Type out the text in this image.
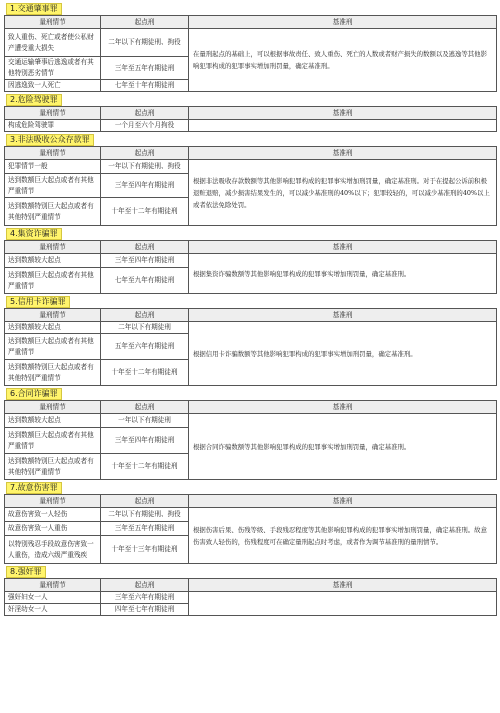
1.交通肇事罪
量刑情节	起点刑	基准刑
致人重伤、死亡或者使公私财产遭受重大损失	二年以下有期徒刑、拘役	在量刑起点的基础上，可以根据事故责任、致人重伤、死亡的人数或者财产损失的数额以及逃逸等其他影响犯罪构成的犯罪事实增加刑罚量，确定基准刑。
交通运输肇事后逃逸或者有其他特别恶劣情节	三年至五年有期徒刑	
因逃逸致一人死亡	七年至十年有期徒刑	
2.危险驾驶罪
量刑情节	起点刑	基准刑
构成危险驾驶罪	一个月至六个月拘役	
3.非法吸收公众存款罪
量刑情节	起点刑	基准刑
犯罪情节一般	一年以下有期徒刑、拘役	根据非法吸收存款数额等其他影响犯罪构成的犯罪事实增加刑罚量，确定基准刑。对于在提起公诉前积极退赃退赔，减少损害结果发生的，可以减少基准刑的40%以下；犯罪较轻的，可以减少基准刑的40%以上或者依法免除处罚。
达到数额巨大起点或者有其他严重情节	三年至四年有期徒刑	
达到数额特别巨大起点或者有其他特别严重情节	十年至十二年有期徒刑	
4.集资诈骗罪
量刑情节	起点刑	基准刑
达到数额较大起点	三年至四年有期徒刑	根据集资诈骗数额等其他影响犯罪构成的犯罪事实增加刑罚量，确定基准刑。
达到数额巨大起点或者有其他严重情节	七年至九年有期徒刑	
5.信用卡诈骗罪
量刑情节	起点刑	基准刑
达到数额较大起点	二年以下有期徒刑	根据信用卡诈骗数额等其他影响犯罪构成的犯罪事实增加刑罚量，确定基准刑。
达到数额巨大起点或者有其他严重情节	五年至六年有期徒刑	
达到数额特别巨大起点或者有其他特别严重情节	十年至十二年有期徒刑	
6.合同诈骗罪
量刑情节	起点刑	基准刑
达到数额较大起点	一年以下有期徒刑	根据合同诈骗数额等其他影响犯罪构成的犯罪事实增加刑罚量，确定基准刑。
达到数额巨大起点或者有其他严重情节	三年至四年有期徒刑	
达到数额特别巨大起点或者有其他特别严重情节	十年至十二年有期徒刑	
7.故意伤害罪
量刑情节	起点刑	基准刑
故意伤害致一人轻伤	二年以下有期徒刑、拘役	根据伤害后果、伤残等级、手段残忍程度等其他影响犯罪构成的犯罪事实增加刑罚量，确定基准刑。故意伤害致人轻伤的，伤残程度可在确定量刑起点时考虑，或者作为调节基准刑的量刑情节。
故意伤害致一人重伤	三年至五年有期徒刑	
以特别残忍手段故意伤害致一人重伤，造成六级严重残疾	十年至十三年有期徒刑	
8.强奸罪
量刑情节	起点刑	基准刑
强奸妇女一人	三年至六年有期徒刑	
奸淫幼女一人	四年至七年有期徒刑	
